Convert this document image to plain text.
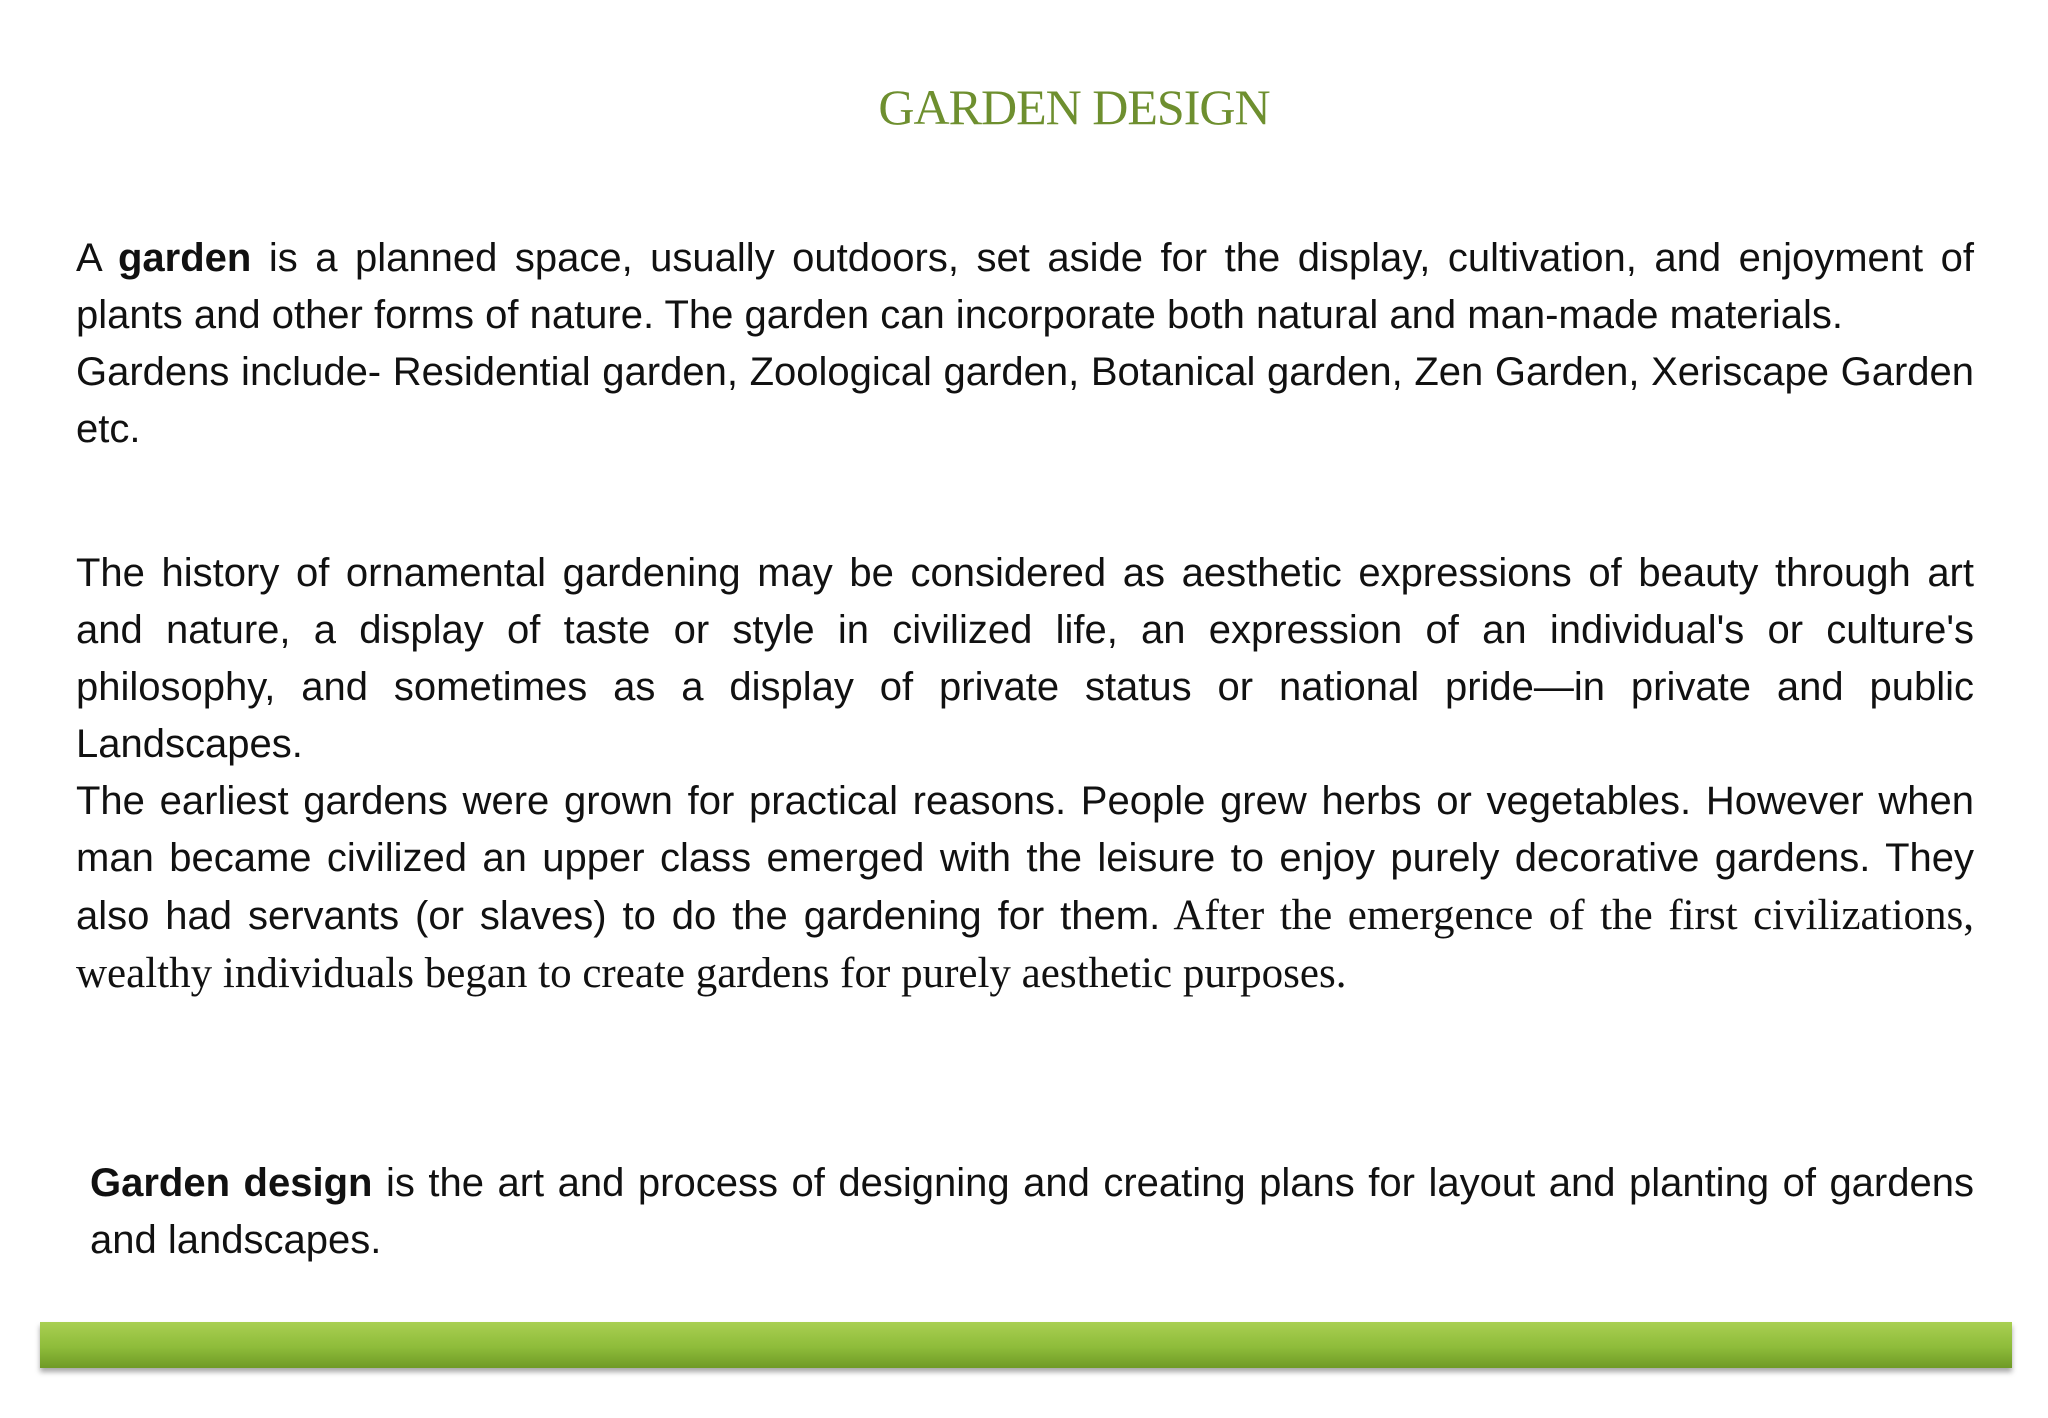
GARDEN DESIGN
A garden is a planned space, usually outdoors, set aside for the display, cultivation, and enjoyment of plants and other forms of nature. The garden can incorporate both natural and man-made materials.
Gardens include- Residential garden, Zoological garden, Botanical garden, Zen Garden, Xeriscape Garden etc.
The history of ornamental gardening may be considered as aesthetic expressions of beauty through art and nature, a display of taste or style in civilized life, an expression of an individual's or culture's philosophy, and sometimes as a display of private status or national pride—in private and public Landscapes.
The earliest gardens were grown for practical reasons. People grew herbs or vegetables. However when man became civilized an upper class emerged with the leisure to enjoy purely decorative gardens. They also had servants (or slaves) to do the gardening for them. After the emergence of the first civilizations, wealthy individuals began to create gardens for purely aesthetic purposes.
Garden design is the art and process of designing and creating plans for layout and planting of gardens and landscapes.
